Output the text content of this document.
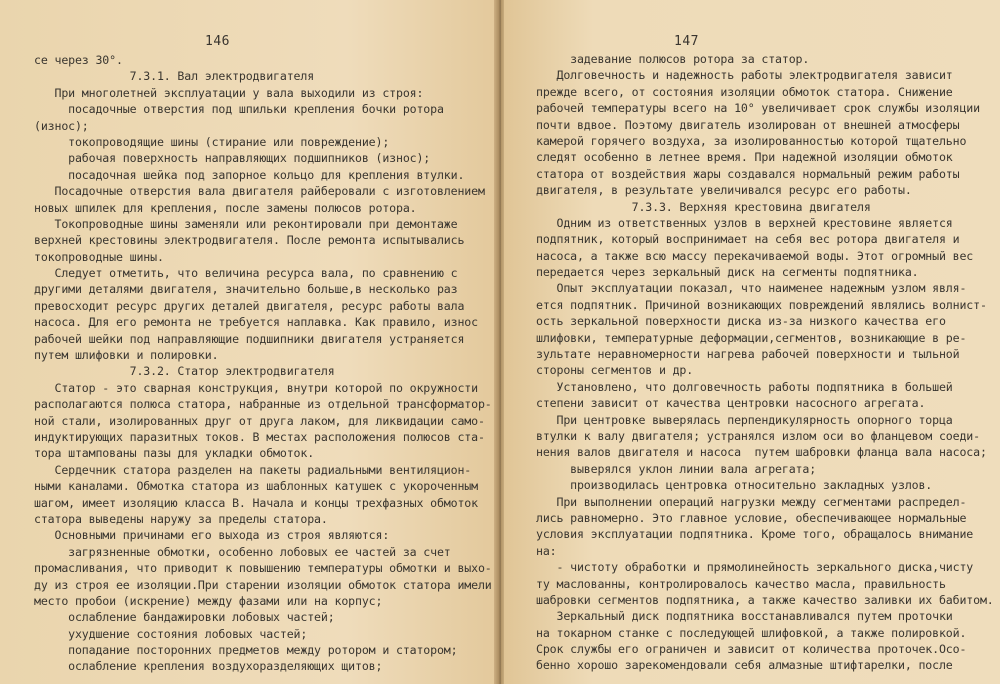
146
се через 30°.
7.3.1. Вал электродвигателя
При многолетней эксплуатации у вала выходили из строя:
посадочные отверстия под шпильки крепления бочки ротора
(износ);
токопроводящие шины (стирание или повреждение);
рабочая поверхность направляющих подшипников (износ);
посадочная шейка под запорное кольцо для крепления втулки.
Посадочные отверстия вала двигателя райберовали с изготовлением
новых шпилек для крепления, после замены полюсов ротора.
Токопроводные шины заменяли или реконтировали при демонтаже
верхней крестовины электродвигателя. После ремонта испытывались
токопроводные шины.
Следует отметить, что величина ресурса вала, по сравнению с
другими деталями двигателя, значительно больше,в несколько раз
превосходит ресурс других деталей двигателя, ресурс работы вала
насоса. Для его ремонта не требуется наплавка. Как правило, износ
рабочей шейки под направляющие подшипники двигателя устраняется
путем шлифовки и полировки.
7.3.2. Статор электродвигателя
Статор - это сварная конструкция, внутри которой по окружности
располагаются полюса статора, набранные из отдельной трансформатор-
ной стали, изолированных друг от друга лаком, для ликвидации само-
индуктирующих паразитных токов. В местах расположения полюсов ста-
тора штампованы пазы для укладки обмоток.
Сердечник статора разделен на пакеты радиальными вентиляцион-
ными каналами. Обмотка статора из шаблонных катушек с укороченным
шагом, имеет изоляцию класса В. Начала и концы трехфазных обмоток
статора выведены наружу за пределы статора.
Основными причинами его выхода из строя являются:
загрязненные обмотки, особенно лобовых ее частей за счет
промасливания, что приводит к повышению температуры обмотки и выхо-
ду из строя ее изоляции.При старении изоляции обмоток статора имели
место пробои (искрение) между фазами или на корпус;
ослабление бандажировки лобовых частей;
ухудшение состояния лобовых частей;
попадание посторонних предметов между ротором и статором;
ослабление крепления воздухоразделяющих щитов;
147
задевание полюсов ротора за статор.
Долговечность и надежность работы электродвигателя зависит
прежде всего, от состояния изоляции обмоток статора. Снижение
рабочей температуры всего на 10° увеличивает срок службы изоляции
почти вдвое. Поэтому двигатель изолирован от внешней атмосферы
камерой горячего воздуха, за изолированностью которой тщательно
следят особенно в летнее время. При надежной изоляции обмоток
статора от воздействия жары создавался нормальный режим работы
двигателя, в результате увеличивался ресурс его работы.
7.3.3. Верхняя крестовина двигателя
Одним из ответственных узлов в верхней крестовине является
подпятник, который воспринимает на себя вес ротора двигателя и
насоса, а также всю массу перекачиваемой воды. Этот огромный вес
передается через зеркальный диск на сегменты подпятника.
Опыт эксплуатации показал, что наименее надежным узлом явля-
ется подпятник. Причиной возникающих повреждений являлись волнист-
ость зеркальной поверхности диска из-за низкого качества его
шлифовки, температурные деформации,сегментов, возникающие в ре-
зультате неравномерности нагрева рабочей поверхности и тыльной
стороны сегментов и др.
Установлено, что долговечность работы подпятника в большей
степени зависит от качества центровки насосного агрегата.
При центровке выверялась перпендикулярность опорного торца
втулки к валу двигателя; устранялся излом оси во фланцевом соеди-
нения валов двигателя и насоса  путем шабровки фланца вала насоса;
выверялся уклон линии вала агрегата;
производилась центровка относительно закладных узлов.
При выполнении операций нагрузки между сегментами распредел-
лись равномерно. Это главное условие, обеспечивающее нормальные
условия эксплуатации подпятника. Кроме того, обращалось внимание
на:
- чистоту обработки и прямолинейность зеркального диска,чисту
ту маслованны, контролировалось качество масла, правильность
шабровки сегментов подпятника, а также качество заливки их бабитом.
Зеркальный диск подпятника восстанавливался путем проточки
на токарном станке с последующей шлифовкой, а также полировкой.
Срок службы его ограничен и зависит от количества проточек.Осо-
бенно хорошо зарекомендовали себя алмазные штифтарелки, после
